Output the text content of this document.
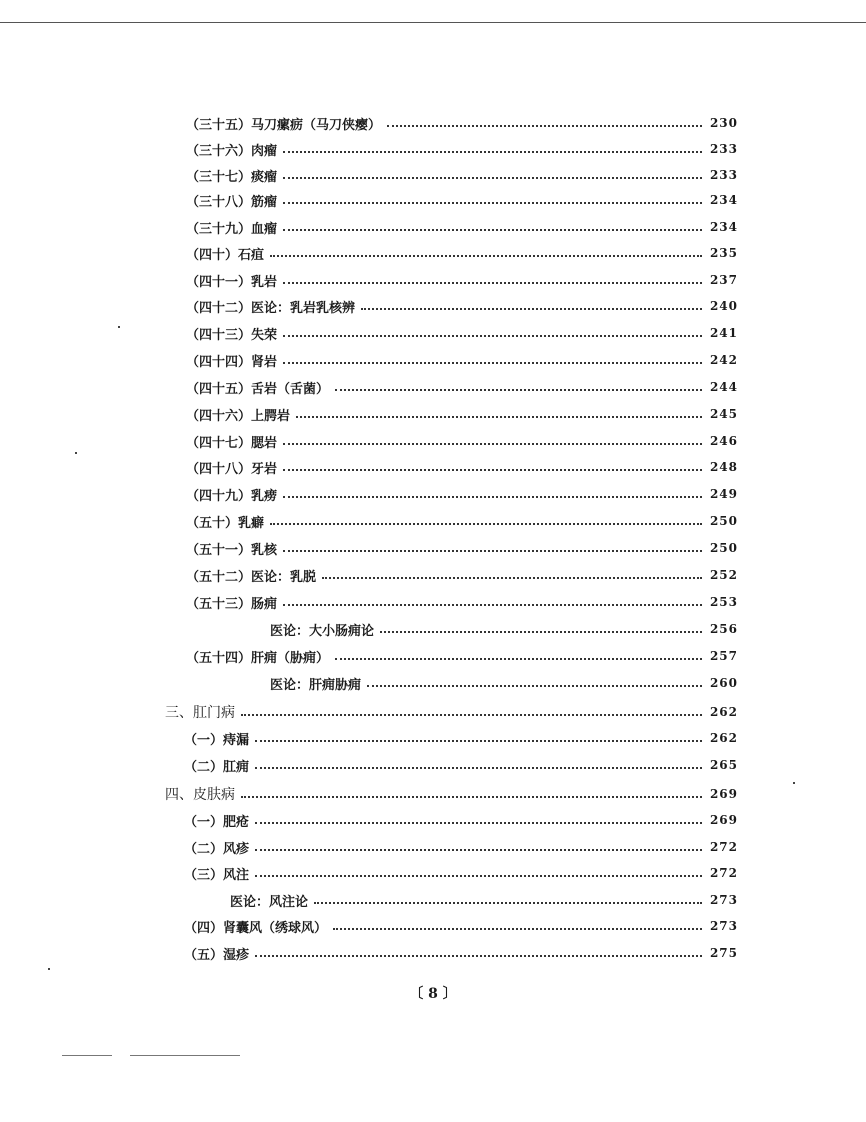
（三十五）马刀瘰疬（马刀侠瘿）	230
（三十六）肉瘤	233
（三十七）痰瘤	233
（三十八）筋瘤	234
（三十九）血瘤	234
（四十）石疽	235
（四十一）乳岩	237
（四十二）医论：乳岩乳核辨	240
（四十三）失荣	241
（四十四）肾岩	242
（四十五）舌岩（舌菌）	244
（四十六）上腭岩	245
（四十七）腮岩	246
（四十八）牙岩	248
（四十九）乳痨	249
（五十）乳癖	250
（五十一）乳核	250
（五十二）医论：乳脱	252
（五十三）肠痈	253
医论：大小肠痈论	256
（五十四）肝痈（胁痈）	257
医论：肝痈胁痈	260
三、肛门病	262
（一）痔漏	262
（二）肛痈	265
四、皮肤病	269
（一）肥疮	269
（二）风疹	272
（三）风注	272
医论：风注论	273
（四）肾囊风（绣球风）	273
（五）湿疹	275
〔 8 〕
